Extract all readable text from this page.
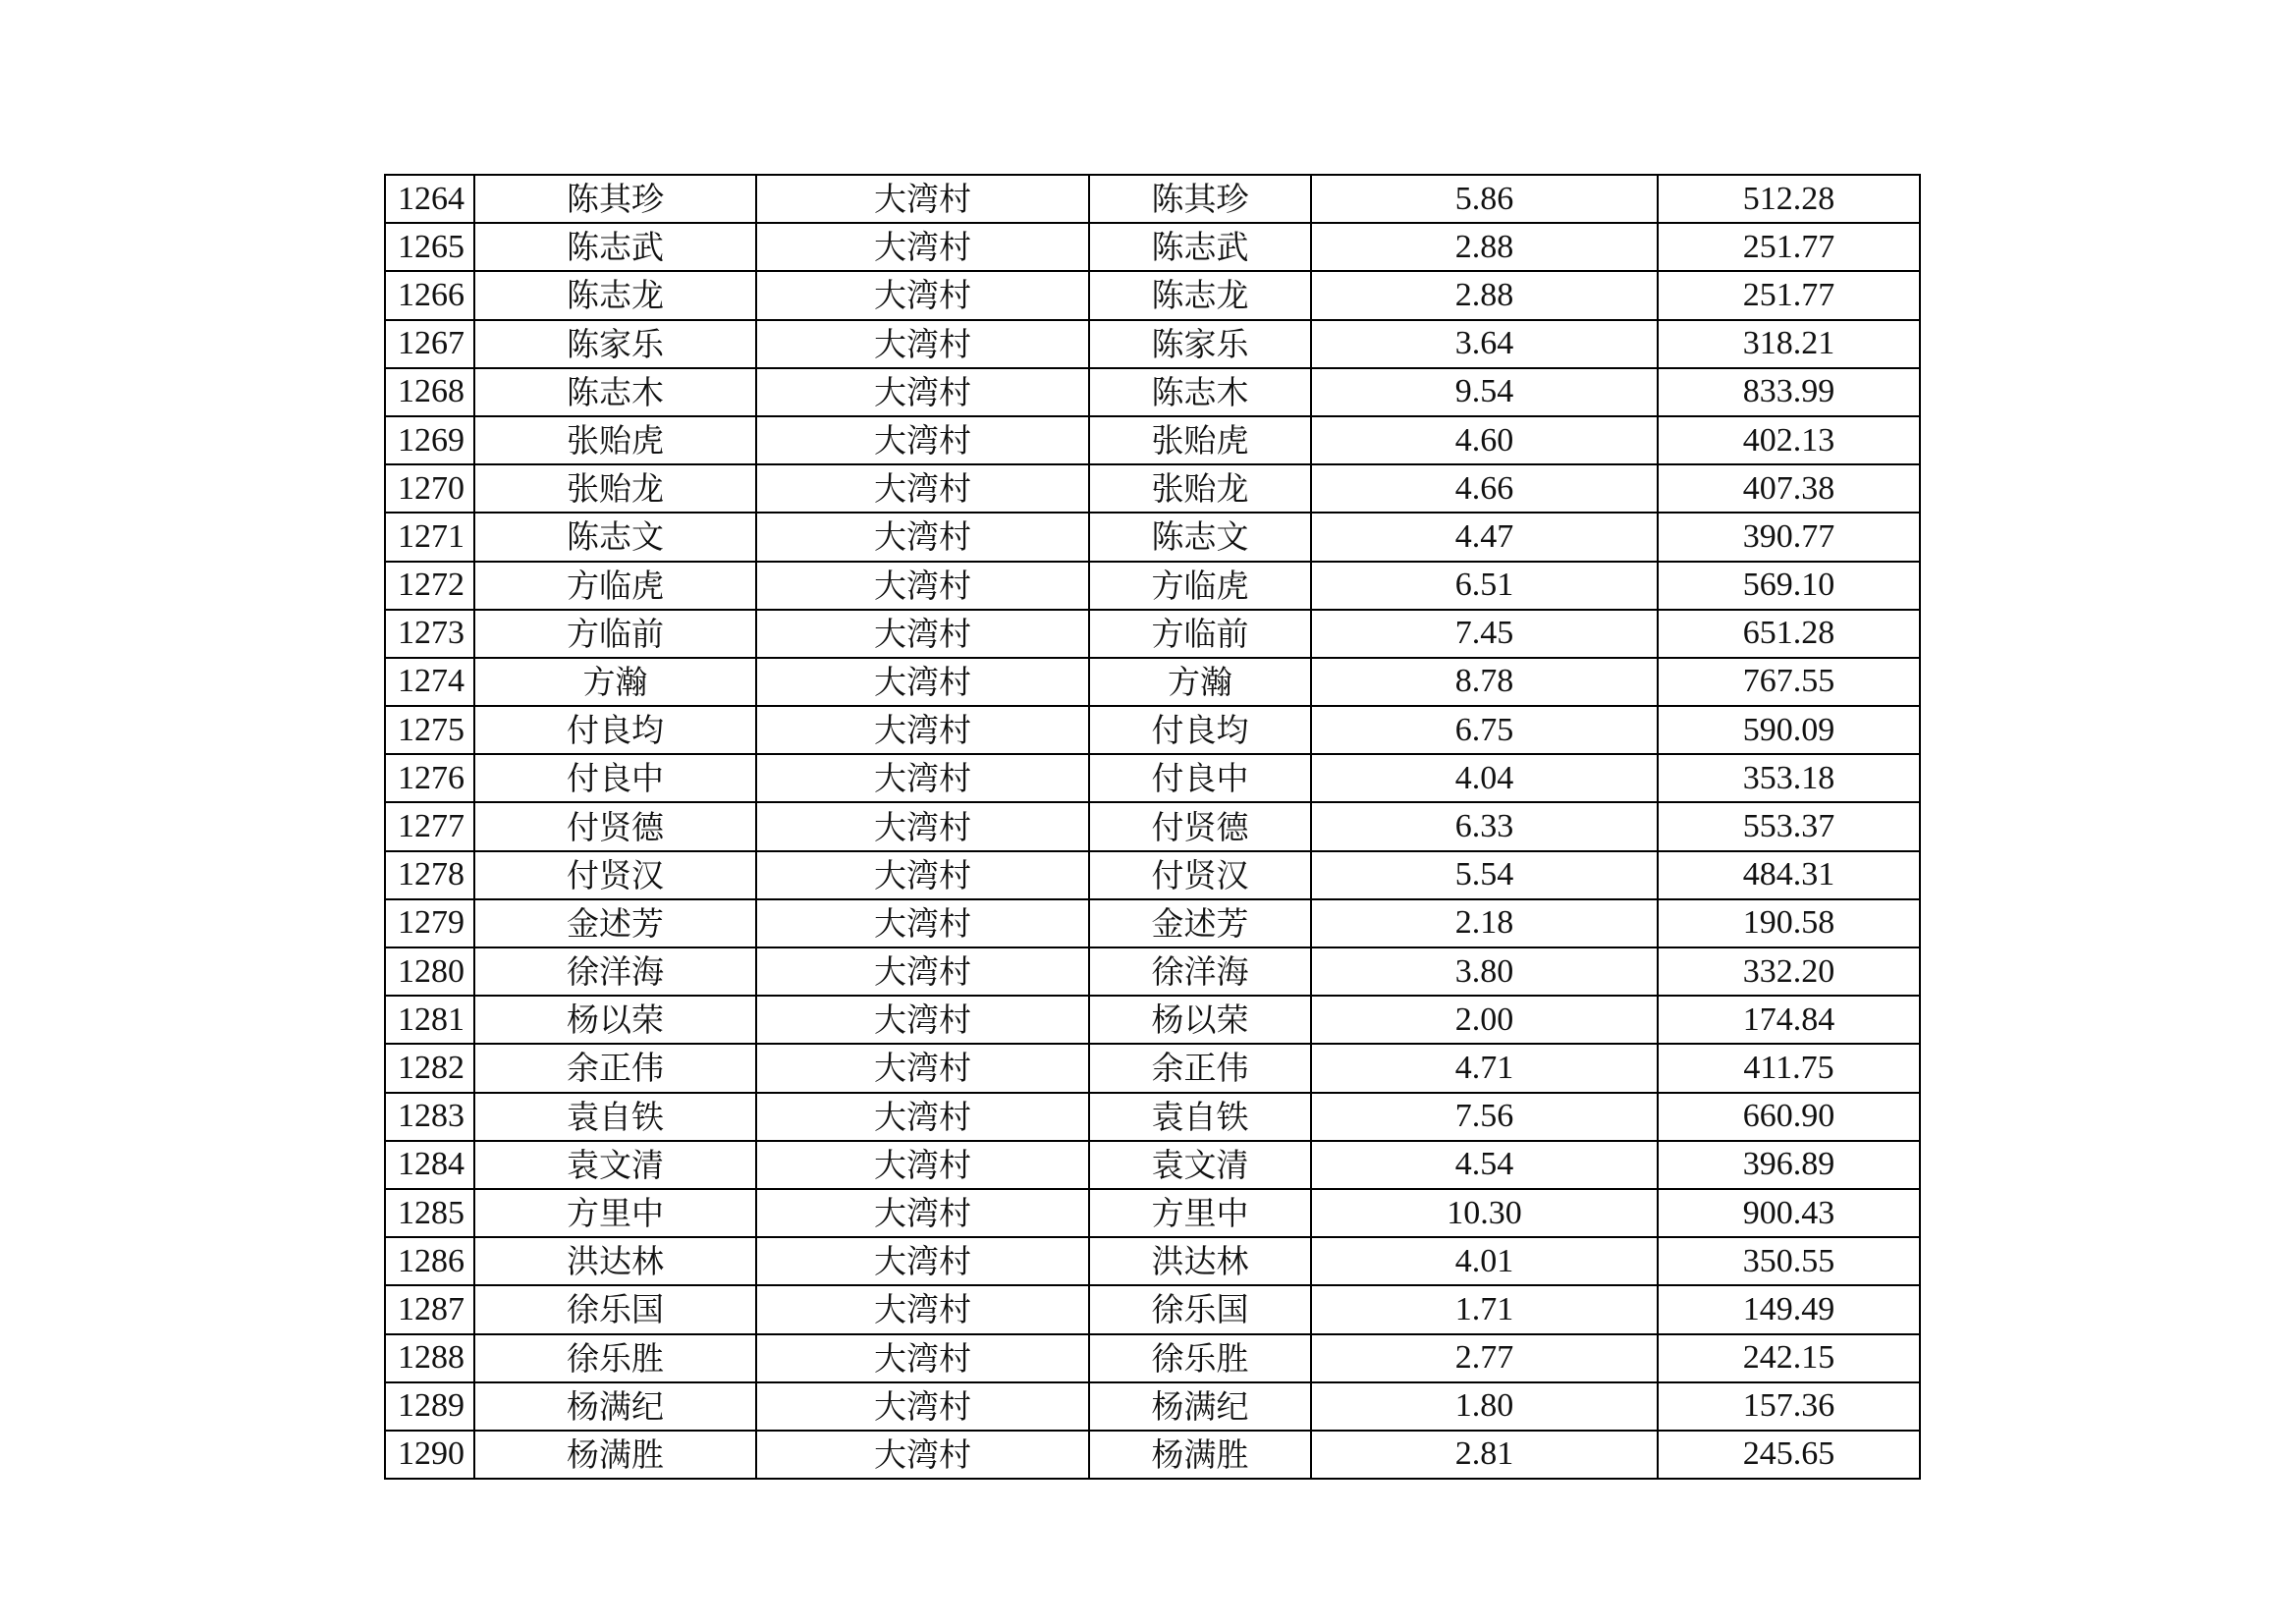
1264	陈其珍	大湾村	陈其珍	5.86	512.28
1265	陈志武	大湾村	陈志武	2.88	251.77
1266	陈志龙	大湾村	陈志龙	2.88	251.77
1267	陈家乐	大湾村	陈家乐	3.64	318.21
1268	陈志木	大湾村	陈志木	9.54	833.99
1269	张贻虎	大湾村	张贻虎	4.60	402.13
1270	张贻龙	大湾村	张贻龙	4.66	407.38
1271	陈志文	大湾村	陈志文	4.47	390.77
1272	方临虎	大湾村	方临虎	6.51	569.10
1273	方临前	大湾村	方临前	7.45	651.28
1274	方瀚	大湾村	方瀚	8.78	767.55
1275	付良均	大湾村	付良均	6.75	590.09
1276	付良中	大湾村	付良中	4.04	353.18
1277	付贤德	大湾村	付贤德	6.33	553.37
1278	付贤汉	大湾村	付贤汉	5.54	484.31
1279	金述芳	大湾村	金述芳	2.18	190.58
1280	徐洋海	大湾村	徐洋海	3.80	332.20
1281	杨以荣	大湾村	杨以荣	2.00	174.84
1282	余正伟	大湾村	余正伟	4.71	411.75
1283	袁自铁	大湾村	袁自铁	7.56	660.90
1284	袁文清	大湾村	袁文清	4.54	396.89
1285	方里中	大湾村	方里中	10.30	900.43
1286	洪达林	大湾村	洪达林	4.01	350.55
1287	徐乐国	大湾村	徐乐国	1.71	149.49
1288	徐乐胜	大湾村	徐乐胜	2.77	242.15
1289	杨满纪	大湾村	杨满纪	1.80	157.36
1290	杨满胜	大湾村	杨满胜	2.81	245.65
